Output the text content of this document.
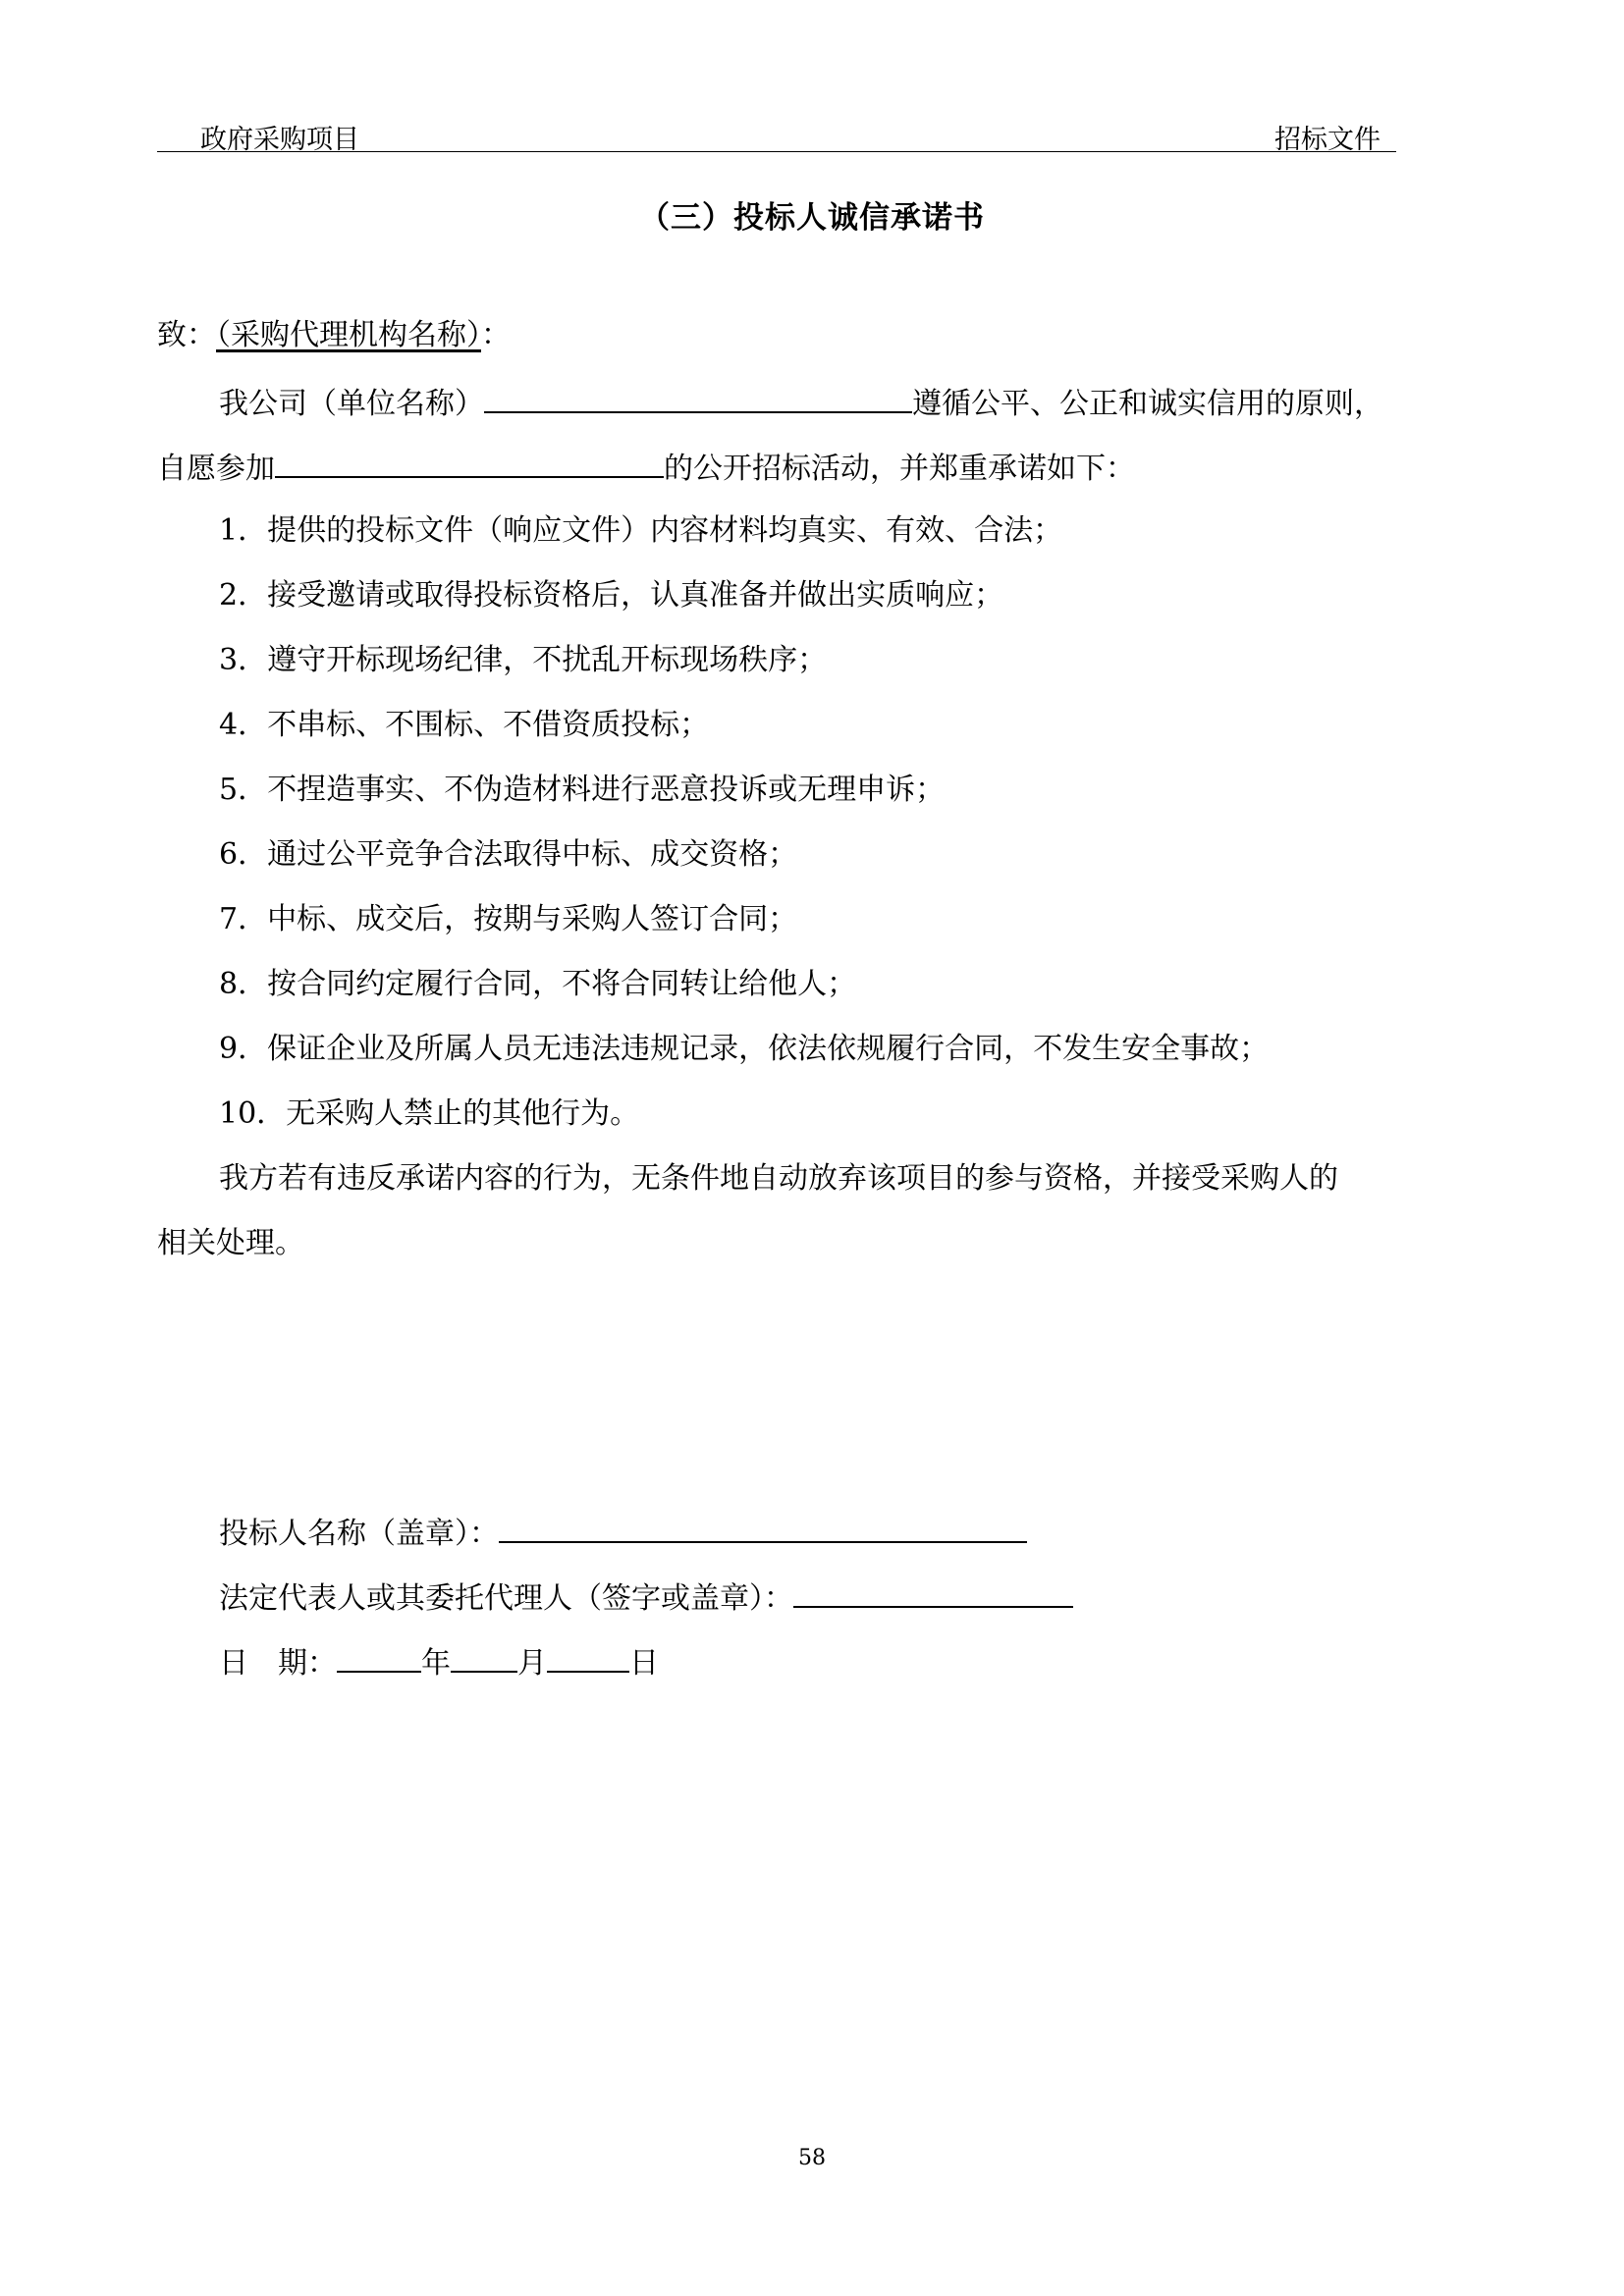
政府采购项目	招标文件
（三）投标人诚信承诺书
致：（采购代理机构名称）：
我公司（单位名称）	遵循公平、公正和诚实信用的原则，
自愿参加	的公开招标活动，并郑重承诺如下：
1．提供的投标文件（响应文件）内容材料均真实、有效、合法；
2．接受邀请或取得投标资格后，认真准备并做出实质响应；
3．遵守开标现场纪律，不扰乱开标现场秩序；
4．不串标、不围标、不借资质投标；
5．不捏造事实、不伪造材料进行恶意投诉或无理申诉；
6．通过公平竞争合法取得中标、成交资格；
7．中标、成交后，按期与采购人签订合同；
8．按合同约定履行合同，不将合同转让给他人；
9．保证企业及所属人员无违法违规记录，依法依规履行合同，不发生安全事故；
10．无采购人禁止的其他行为。
我方若有违反承诺内容的行为，无条件地自动放弃该项目的参与资格，并接受采购人的
相关处理。
投标人名称（盖章）：
法定代表人或其委托代理人（签字或盖章）：
日　期：	年 月	日
58
